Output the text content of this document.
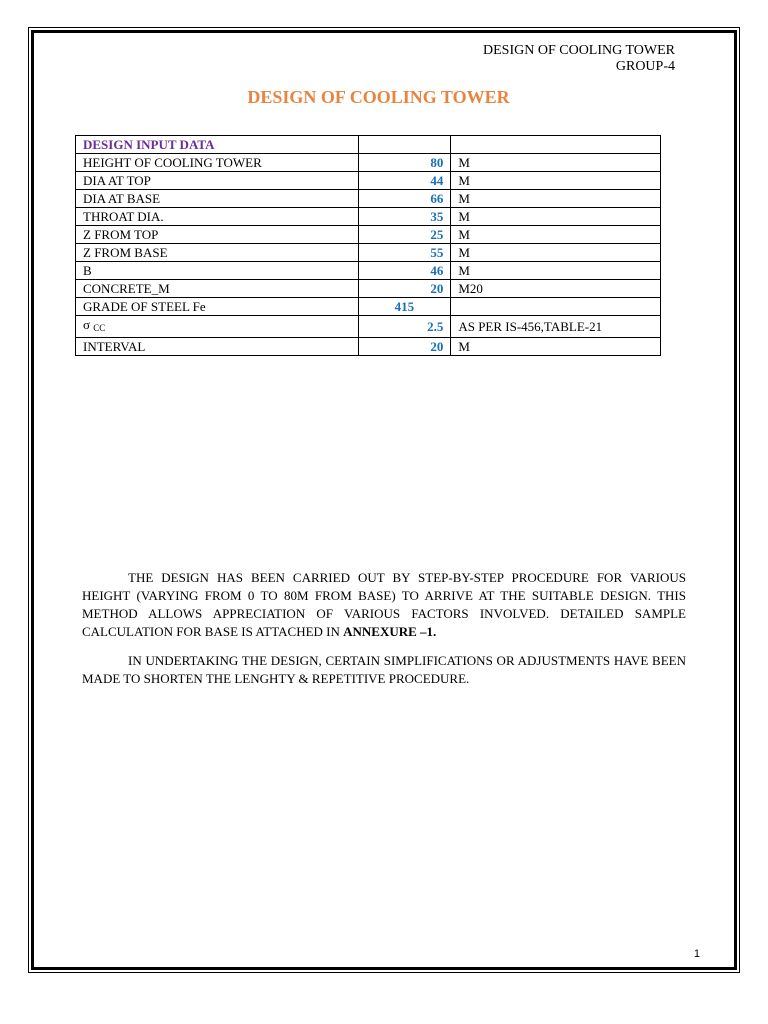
DESIGN OF COOLING TOWER
GROUP-4
DESIGN OF COOLING TOWER
DESIGN INPUT DATA		
HEIGHT OF COOLING TOWER	80	M
DIA AT TOP	44	M
DIA AT BASE	66	M
THROAT DIA.	35	M
Z FROM TOP	25	M
Z FROM BASE	55	M
B	46	M
CONCRETE_M	20	M20
GRADE OF STEEL Fe	415	
σ $_{CC}$	2.5	AS PER IS-456,TABLE-21
INTERVAL	20	M
THE DESIGN HAS BEEN CARRIED OUT BY STEP-BY-STEP PROCEDURE FOR VARIOUS HEIGHT (VARYING FROM 0 TO 80M FROM BASE) TO ARRIVE AT THE SUITABLE DESIGN. THIS METHOD ALLOWS APPRECIATION OF VARIOUS FACTORS INVOLVED. DETAILED SAMPLE CALCULATION FOR BASE IS ATTACHED IN ANNEXURE –1.
IN UNDERTAKING THE DESIGN, CERTAIN SIMPLIFICATIONS OR ADJUSTMENTS HAVE BEEN MADE TO SHORTEN THE LENGHTY & REPETITIVE PROCEDURE.
1
